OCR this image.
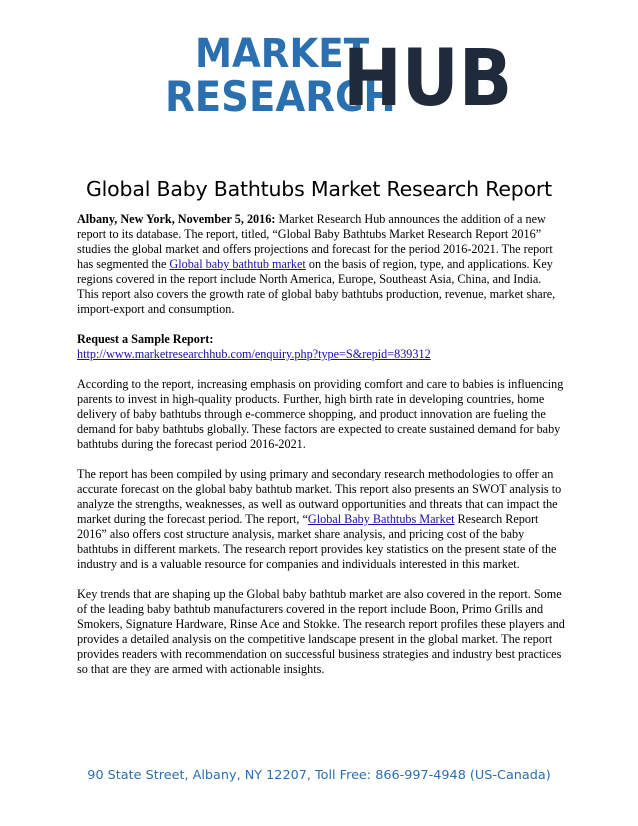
MARKET
RESEARCH
HUB
Global Baby Bathtubs Market Research Report

Albany, New York, November 5, 2016: Market Research Hub announces the addition of a new report to its database. The report, titled, “Global Baby Bathtubs Market Research Report 2016” studies the global market and offers projections and forecast for the period 2016-2021. The report has segmented the Global baby bathtub market on the basis of region, type, and applications. Key regions covered in the report include North America, Europe, Southeast Asia, China, and India. This report also covers the growth rate of global baby bathtubs production, revenue, market share, import-export and consumption.

Request a Sample Report:

http://www.marketresearchhub.com/enquiry.php?type=S&repid=839312

According to the report, increasing emphasis on providing comfort and care to babies is influencing parents to invest in high-quality products. Further, high birth rate in developing countries, home delivery of baby bathtubs through e-commerce shopping, and product innovation are fueling the demand for baby bathtubs globally. These factors are expected to create sustained demand for baby bathtubs during the forecast period 2016-2021.

The report has been compiled by using primary and secondary research methodologies to offer an accurate forecast on the global baby bathtub market. This report also presents an SWOT analysis to analyze the strengths, weaknesses, as well as outward opportunities and threats that can impact the market during the forecast period. The report, “Global Baby Bathtubs Market Research Report 2016” also offers cost structure analysis, market share analysis, and pricing cost of the baby bathtubs in different markets. The research report provides key statistics on the present state of the industry and is a valuable resource for companies and individuals interested in this market.

Key trends that are shaping up the Global baby bathtub market are also covered in the report. Some of the leading baby bathtub manufacturers covered in the report include Boon, Primo Grills and Smokers, Signature Hardware, Rinse Ace and Stokke. The research report profiles these players and provides a detailed analysis on the competitive landscape present in the global market. The report provides readers with recommendation on successful business strategies and industry best practices so that are they are armed with actionable insights.

90 State Street, Albany, NY 12207, Toll Free: 866-997-4948 (US-Canada)
